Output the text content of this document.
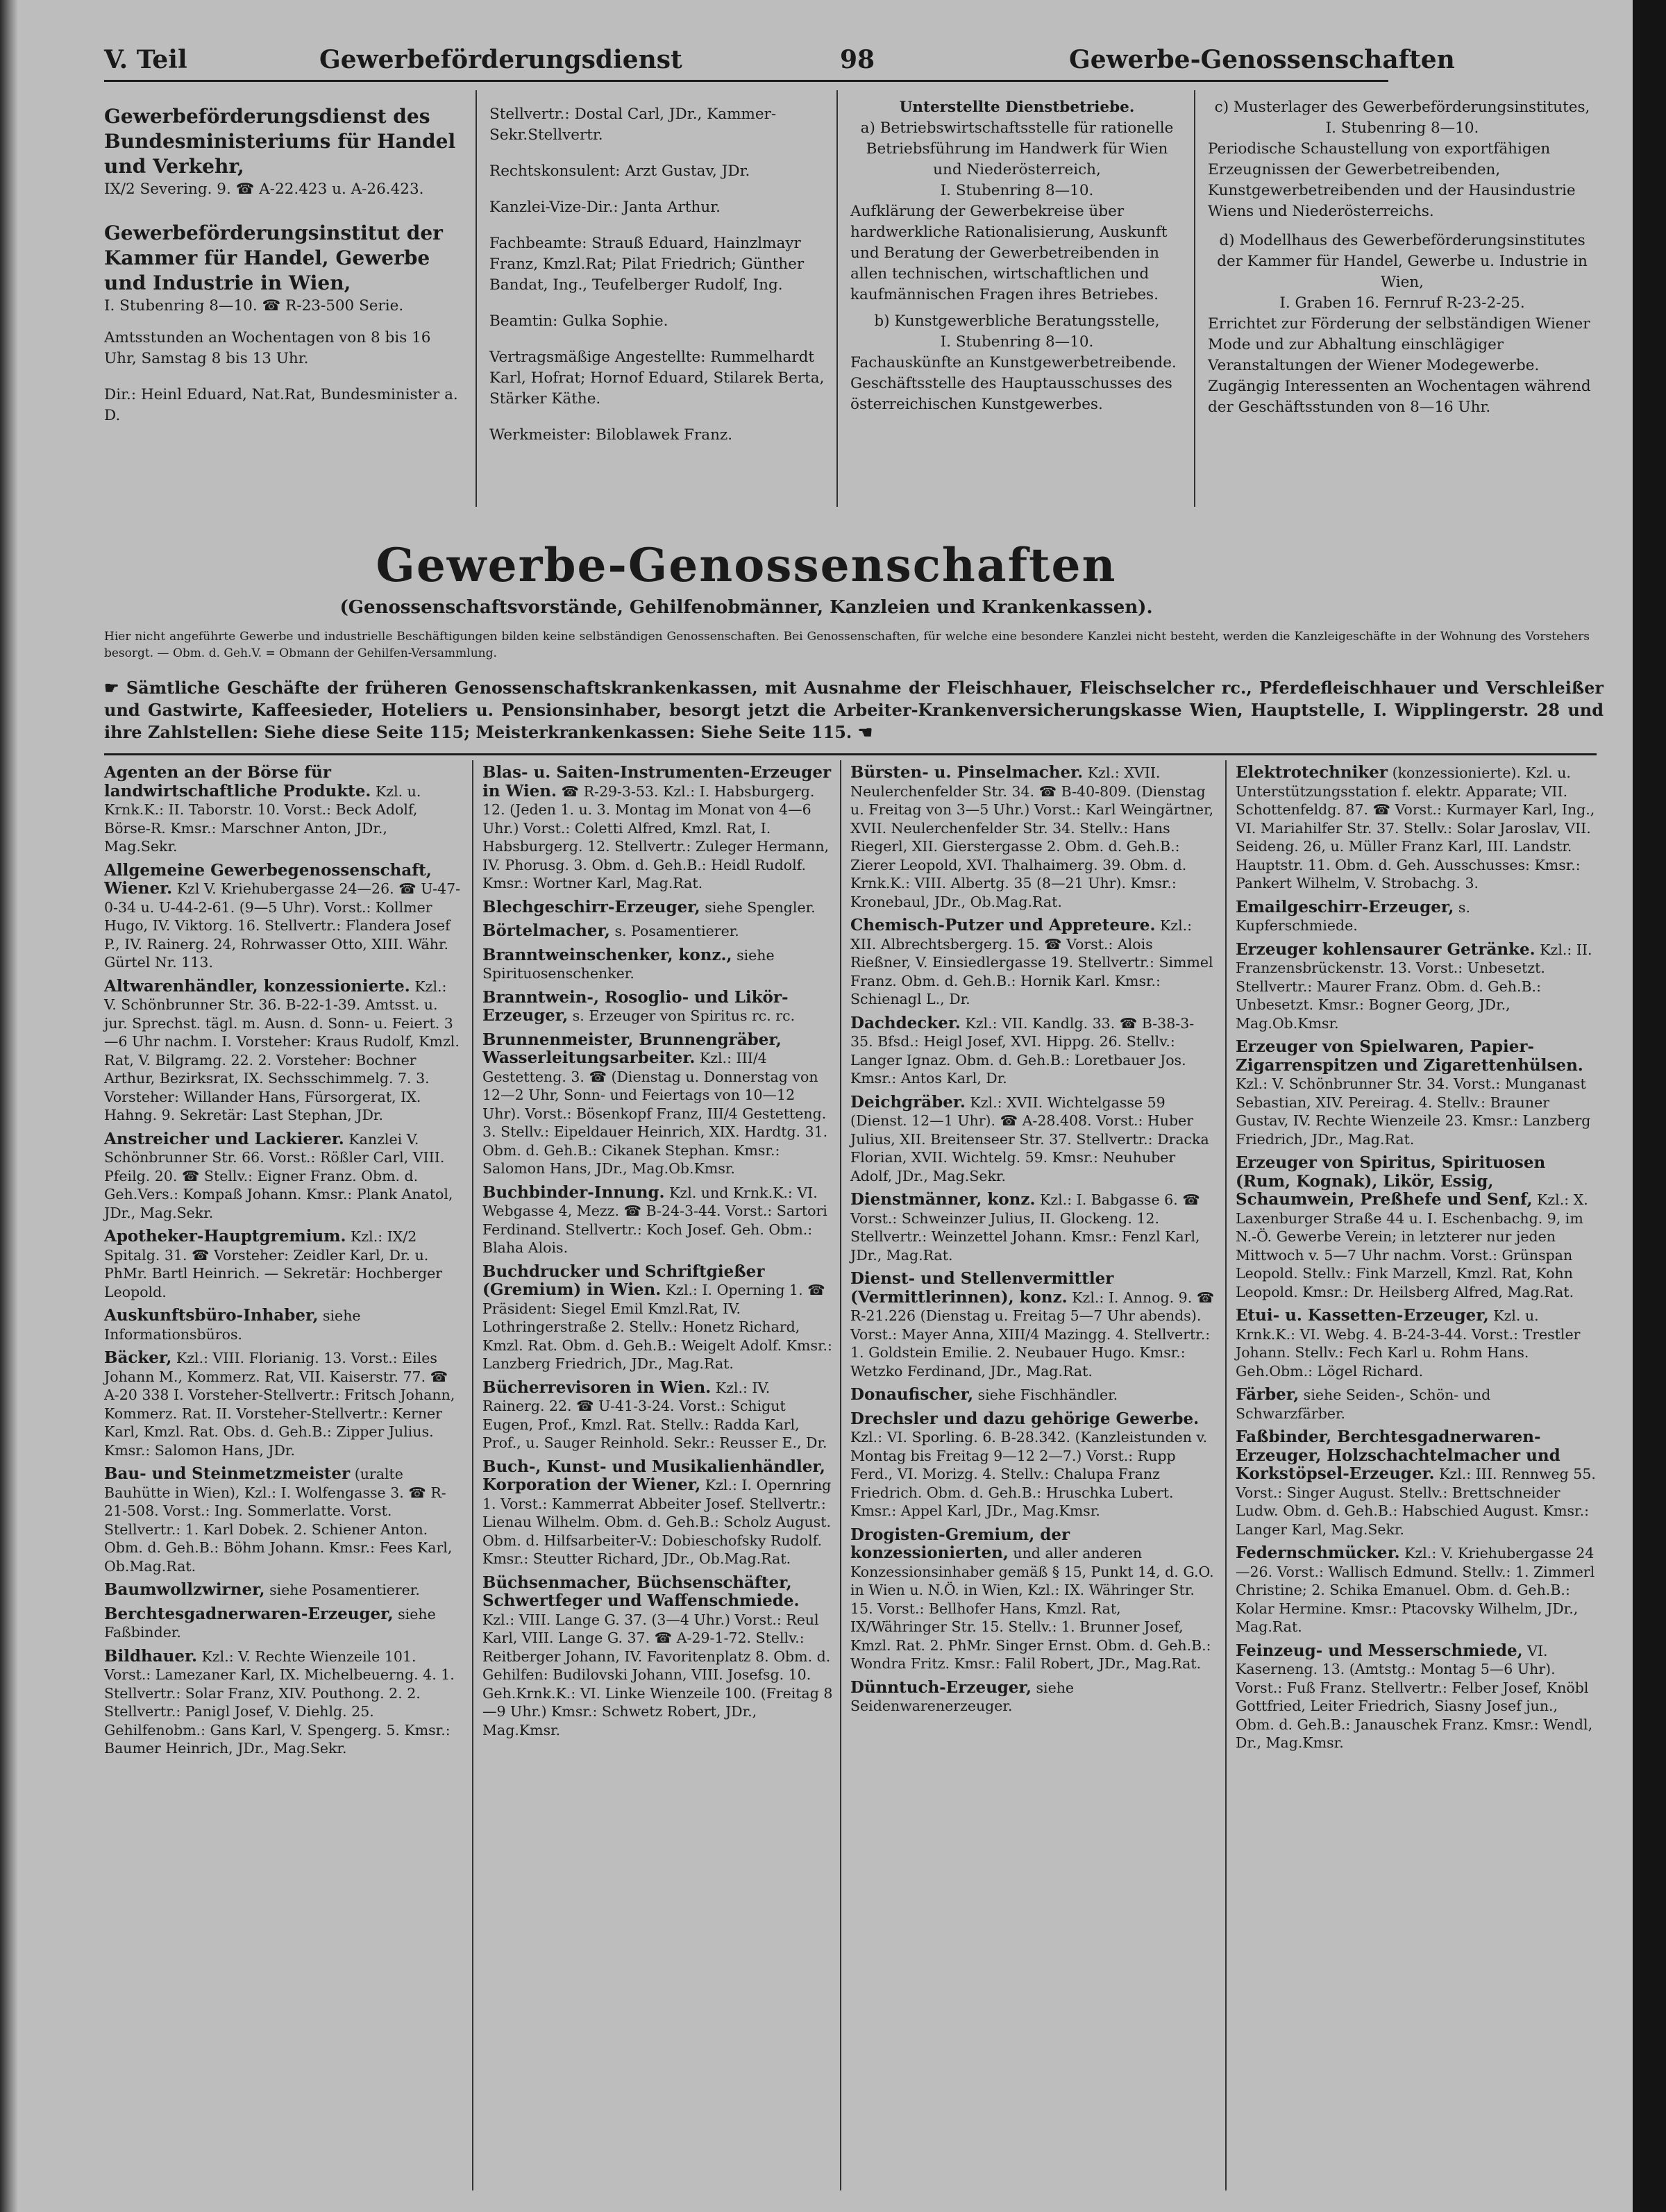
V. Teil	Gewerbeförderungsdienst	98	Gewerbe-Genossenschaften
Gewerbeförderungsdienst des Bundesministeriums für Handel und Verkehr,
IX/2 Severing. 9. ☎ A-22.423 u. A-26.423.
Gewerbeförderungsinstitut der Kammer für Handel, Gewerbe und Industrie in Wien,
I. Stubenring 8—10. ☎ R-23-500 Serie.

Amtsstunden an Wochentagen von 8 bis 16 Uhr, Samstag 8 bis 13 Uhr.

Dir.: Heinl Eduard, Nat.Rat, Bundesminister a. D.

Stellvertr.: Dostal Carl, JDr., Kammer-Sekr.Stellvertr.

Rechtskonsulent: Arzt Gustav, JDr.

Kanzlei-Vize-Dir.: Janta Arthur.

Fachbeamte: Strauß Eduard, Hainzlmayr Franz, Kmzl.Rat; Pilat Friedrich; Günther Bandat, Ing., Teufelberger Rudolf, Ing.

Beamtin: Gulka Sophie.

Vertragsmäßige Angestellte: Rummelhardt Karl, Hofrat; Hornof Eduard, Stilarek Berta, Stärker Käthe.

Werkmeister: Biloblawek Franz.

Unterstellte Dienstbetriebe.
a) Betriebswirtschaftsstelle für rationelle Betriebsführung im Handwerk für Wien und Niederösterreich,
I. Stubenring 8—10.

Aufklärung der Gewerbekreise über hardwerkliche Rationalisierung, Auskunft und Beratung der Gewerbetreibenden in allen technischen, wirtschaftlichen und kaufmännischen Fragen ihres Betriebes.

b) Kunstgewerbliche Beratungsstelle,
I. Stubenring 8—10.
Fachauskünfte an Kunstgewerbetreibende. Geschäftsstelle des Hauptausschusses des österreichischen Kunstgewerbes.
c) Musterlager des Gewerbeförderungsinstitutes,
I. Stubenring 8—10.

Periodische Schaustellung von exportfähigen Erzeugnissen der Gewerbetreibenden, Kunstgewerbetreibenden und der Hausindustrie Wiens und Niederösterreichs.

d) Modellhaus des Gewerbeförderungsinstitutes der Kammer für Handel, Gewerbe u. Industrie in Wien,
I. Graben 16. Fernruf R-23-2-25.
Errichtet zur Förderung der selbständigen Wiener Mode und zur Abhaltung einschlägiger Veranstaltungen der Wiener Modegewerbe. Zugängig Interessenten an Wochentagen während der Geschäftsstunden von 8—16 Uhr.
Gewerbe-Genossenschaften
(Genossenschaftsvorstände, Gehilfenobmänner, Kanzleien und Krankenkassen).
Hier nicht angeführte Gewerbe und industrielle Beschäftigungen bilden keine selbständigen Genossenschaften. Bei Genossenschaften, für welche eine besondere Kanzlei nicht besteht, werden die Kanzleigeschäfte in der Wohnung des Vorstehers besorgt. — Obm. d. Geh.V. = Obmann der Gehilfen-Versammlung.
☛ Sämtliche Geschäfte der früheren Genossenschaftskrankenkassen, mit Ausnahme der Fleischhauer, Fleischselcher rc., Pferdefleischhauer und Verschleißer und Gastwirte, Kaffeesieder, Hoteliers u. Pensionsinhaber, besorgt jetzt die Arbeiter-Krankenversicherungskasse Wien, Hauptstelle, I. Wipplingerstr. 28 und ihre Zahlstellen: Siehe diese Seite 115; Meisterkrankenkassen: Siehe Seite 115. ☚
Agenten an der Börse für landwirtschaftliche Produkte. Kzl. u. Krnk.K.: II. Taborstr. 10. Vorst.: Beck Adolf, Börse-R. Kmsr.: Marschner Anton, JDr., Mag.Sekr.
Allgemeine Gewerbegenossenschaft, Wiener. Kzl V. Kriehubergasse 24—26. ☎ U-47-0-34 u. U-44-2-61. (9—5 Uhr). Vorst.: Kollmer Hugo, IV. Viktorg. 16. Stellvertr.: Flandera Josef P., IV. Rainerg. 24, Rohrwasser Otto, XIII. Währ. Gürtel Nr. 113.
Altwarenhändler, konzessionierte. Kzl.: V. Schönbrunner Str. 36. B-22-1-39. Amtsst. u. jur. Sprechst. tägl. m. Ausn. d. Sonn- u. Feiert. 3—6 Uhr nachm. I. Vorsteher: Kraus Rudolf, Kmzl. Rat, V. Bilgramg. 22. 2. Vorsteher: Bochner Arthur, Bezirksrat, IX. Sechsschimmelg. 7. 3. Vorsteher: Willander Hans, Fürsorgerat, IX. Hahng. 9. Sekretär: Last Stephan, JDr.
Anstreicher und Lackierer. Kanzlei V. Schönbrunner Str. 66. Vorst.: Rößler Carl, VIII. Pfeilg. 20. ☎ Stellv.: Eigner Franz. Obm. d. Geh.Vers.: Kompaß Johann. Kmsr.: Plank Anatol, JDr., Mag.Sekr.
Apotheker-Hauptgremium. Kzl.: IX/2 Spitalg. 31. ☎ Vorsteher: Zeidler Karl, Dr. u. PhMr. Bartl Heinrich. — Sekretär: Hochberger Leopold.
Auskunftsbüro-Inhaber, siehe Informationsbüros.
Bäcker, Kzl.: VIII. Florianig. 13. Vorst.: Eiles Johann M., Kommerz. Rat, VII. Kaiserstr. 77. ☎ A-20 338 I. Vorsteher-Stellvertr.: Fritsch Johann, Kommerz. Rat. II. Vorsteher-Stellvertr.: Kerner Karl, Kmzl. Rat. Obs. d. Geh.B.: Zipper Julius. Kmsr.: Salomon Hans, JDr.
Bau- und Steinmetzmeister (uralte Bauhütte in Wien), Kzl.: I. Wolfengasse 3. ☎ R-21-508. Vorst.: Ing. Sommerlatte. Vorst. Stellvertr.: 1. Karl Dobek. 2. Schiener Anton. Obm. d. Geh.B.: Böhm Johann. Kmsr.: Fees Karl, Ob.Mag.Rat.
Baumwollzwirner, siehe Posamentierer.
Berchtesgadnerwaren-Erzeuger, siehe Faßbinder.
Bildhauer. Kzl.: V. Rechte Wienzeile 101. Vorst.: Lamezaner Karl, IX. Michelbeuerng. 4. 1. Stellvertr.: Solar Franz, XIV. Pouthong. 2. 2. Stellvertr.: Panigl Josef, V. Diehlg. 25. Gehilfenobm.: Gans Karl, V. Spengerg. 5. Kmsr.: Baumer Heinrich, JDr., Mag.Sekr.
Blas- u. Saiten-Instrumenten-Erzeuger in Wien. ☎ R-29-3-53. Kzl.: I. Habsburgerg. 12. (Jeden 1. u. 3. Montag im Monat von 4—6 Uhr.) Vorst.: Coletti Alfred, Kmzl. Rat, I. Habsburgerg. 12. Stellvertr.: Zuleger Hermann, IV. Phorusg. 3. Obm. d. Geh.B.: Heidl Rudolf. Kmsr.: Wortner Karl, Mag.Rat.
Blechgeschirr-Erzeuger, siehe Spengler.
Börtelmacher, s. Posamentierer.
Branntweinschenker, konz., siehe Spirituosenschenker.
Branntwein-, Rosoglio- und Likör-Erzeuger, s. Erzeuger von Spiritus rc. rc.
Brunnenmeister, Brunnengräber, Wasserleitungsarbeiter. Kzl.: III/4 Gestetteng. 3. ☎ (Dienstag u. Donnerstag von 12—2 Uhr, Sonn- und Feiertags von 10—12 Uhr). Vorst.: Bösenkopf Franz, III/4 Gestetteng. 3. Stellv.: Eipeldauer Heinrich, XIX. Hardtg. 31. Obm. d. Geh.B.: Cikanek Stephan. Kmsr.: Salomon Hans, JDr., Mag.Ob.Kmsr.
Buchbinder-Innung. Kzl. und Krnk.K.: VI. Webgasse 4, Mezz. ☎ B-24-3-44. Vorst.: Sartori Ferdinand. Stellvertr.: Koch Josef. Geh. Obm.: Blaha Alois.
Buchdrucker und Schriftgießer (Gremium) in Wien. Kzl.: I. Operning 1. ☎ Präsident: Siegel Emil Kmzl.Rat, IV. Lothringerstraße 2. Stellv.: Honetz Richard, Kmzl. Rat. Obm. d. Geh.B.: Weigelt Adolf. Kmsr.: Lanzberg Friedrich, JDr., Mag.Rat.
Bücherrevisoren in Wien. Kzl.: IV. Rainerg. 22. ☎ U-41-3-24. Vorst.: Schigut Eugen, Prof., Kmzl. Rat. Stellv.: Radda Karl, Prof., u. Sauger Reinhold. Sekr.: Reusser E., Dr.
Buch-, Kunst- und Musikalienhändler, Korporation der Wiener, Kzl.: I. Opernring 1. Vorst.: Kammerrat Abbeiter Josef. Stellvertr.: Lienau Wilhelm. Obm. d. Geh.B.: Scholz August. Obm. d. Hilfsarbeiter-V.: Dobieschofsky Rudolf. Kmsr.: Steutter Richard, JDr., Ob.Mag.Rat.
Büchsenmacher, Büchsenschäfter, Schwertfeger und Waffenschmiede. Kzl.: VIII. Lange G. 37. (3—4 Uhr.) Vorst.: Reul Karl, VIII. Lange G. 37. ☎ A-29-1-72. Stellv.: Reitberger Johann, IV. Favoritenplatz 8. Obm. d. Gehilfen: Budilovski Johann, VIII. Josefsg. 10. Geh.Krnk.K.: VI. Linke Wienzeile 100. (Freitag 8—9 Uhr.) Kmsr.: Schwetz Robert, JDr., Mag.Kmsr.
Bürsten- u. Pinselmacher. Kzl.: XVII. Neulerchenfelder Str. 34. ☎ B-40-809. (Dienstag u. Freitag von 3—5 Uhr.) Vorst.: Karl Weingärtner, XVII. Neulerchenfelder Str. 34. Stellv.: Hans Riegerl, XII. Gierstergasse 2. Obm. d. Geh.B.: Zierer Leopold, XVI. Thalhaimerg. 39. Obm. d. Krnk.K.: VIII. Albertg. 35 (8—21 Uhr). Kmsr.: Kronebaul, JDr., Ob.Mag.Rat.
Chemisch-Putzer und Appreteure. Kzl.: XII. Albrechtsbergerg. 15. ☎ Vorst.: Alois Rießner, V. Einsiedlergasse 19. Stellvertr.: Simmel Franz. Obm. d. Geh.B.: Hornik Karl. Kmsr.: Schienagl L., Dr.
Dachdecker. Kzl.: VII. Kandlg. 33. ☎ B-38-3-35. Bfsd.: Heigl Josef, XVI. Hippg. 26. Stellv.: Langer Ignaz. Obm. d. Geh.B.: Loretbauer Jos. Kmsr.: Antos Karl, Dr.
Deichgräber. Kzl.: XVII. Wichtelgasse 59 (Dienst. 12—1 Uhr). ☎ A-28.408. Vorst.: Huber Julius, XII. Breitenseer Str. 37. Stellvertr.: Dracka Florian, XVII. Wichtelg. 59. Kmsr.: Neuhuber Adolf, JDr., Mag.Sekr.
Dienstmänner, konz. Kzl.: I. Babgasse 6. ☎ Vorst.: Schweinzer Julius, II. Glockeng. 12. Stellvertr.: Weinzettel Johann. Kmsr.: Fenzl Karl, JDr., Mag.Rat.
Dienst- und Stellenvermittler (Vermittlerinnen), konz. Kzl.: I. Annog. 9. ☎ R-21.226 (Dienstag u. Freitag 5—7 Uhr abends). Vorst.: Mayer Anna, XIII/4 Mazingg. 4. Stellvertr.: 1. Goldstein Emilie. 2. Neubauer Hugo. Kmsr.: Wetzko Ferdinand, JDr., Mag.Rat.
Donaufischer, siehe Fischhändler.
Drechsler und dazu gehörige Gewerbe. Kzl.: VI. Sporling. 6. B-28.342. (Kanzleistunden v. Montag bis Freitag 9—12 2—7.) Vorst.: Rupp Ferd., VI. Morizg. 4. Stellv.: Chalupa Franz Friedrich. Obm. d. Geh.B.: Hruschka Lubert. Kmsr.: Appel Karl, JDr., Mag.Kmsr.
Drogisten-Gremium, der konzessionierten, und aller anderen Konzessionsinhaber gemäß § 15, Punkt 14, d. G.O. in Wien u. N.Ö. in Wien, Kzl.: IX. Währinger Str. 15. Vorst.: Bellhofer Hans, Kmzl. Rat, IX/Währinger Str. 15. Stellv.: 1. Brunner Josef, Kmzl. Rat. 2. PhMr. Singer Ernst. Obm. d. Geh.B.: Wondra Fritz. Kmsr.: Falil Robert, JDr., Mag.Rat.
Dünntuch-Erzeuger, siehe Seidenwarenerzeuger.
Elektrotechniker (konzessionierte). Kzl. u. Unterstützungsstation f. elektr. Apparate; VII. Schottenfeldg. 87. ☎ Vorst.: Kurmayer Karl, Ing., VI. Mariahilfer Str. 37. Stellv.: Solar Jaroslav, VII. Seideng. 26, u. Müller Franz Karl, III. Landstr. Hauptstr. 11. Obm. d. Geh. Ausschusses: Kmsr.: Pankert Wilhelm, V. Strobachg. 3.
Emailgeschirr-Erzeuger, s. Kupferschmiede.
Erzeuger kohlensaurer Getränke. Kzl.: II. Franzensbrückenstr. 13. Vorst.: Unbesetzt. Stellvertr.: Maurer Franz. Obm. d. Geh.B.: Unbesetzt. Kmsr.: Bogner Georg, JDr., Mag.Ob.Kmsr.
Erzeuger von Spielwaren, Papier-Zigarrenspitzen und Zigarettenhülsen. Kzl.: V. Schönbrunner Str. 34. Vorst.: Munganast Sebastian, XIV. Pereirag. 4. Stellv.: Brauner Gustav, IV. Rechte Wienzeile 23. Kmsr.: Lanzberg Friedrich, JDr., Mag.Rat.
Erzeuger von Spiritus, Spirituosen (Rum, Kognak), Likör, Essig, Schaumwein, Preßhefe und Senf, Kzl.: X. Laxenburger Straße 44 u. I. Eschenbachg. 9, im N.-Ö. Gewerbe Verein; in letzterer nur jeden Mittwoch v. 5—7 Uhr nachm. Vorst.: Grünspan Leopold. Stellv.: Fink Marzell, Kmzl. Rat, Kohn Leopold. Kmsr.: Dr. Heilsberg Alfred, Mag.Rat.
Etui- u. Kassetten-Erzeuger, Kzl. u. Krnk.K.: VI. Webg. 4. B-24-3-44. Vorst.: Trestler Johann. Stellv.: Fech Karl u. Rohm Hans. Geh.Obm.: Lögel Richard.
Färber, siehe Seiden-, Schön- und Schwarzfärber.
Faßbinder, Berchtesgadnerwaren-Erzeuger, Holzschachtelmacher und Korkstöpsel-Erzeuger. Kzl.: III. Rennweg 55. Vorst.: Singer August. Stellv.: Brettschneider Ludw. Obm. d. Geh.B.: Habschied August. Kmsr.: Langer Karl, Mag.Sekr.
Federnschmücker. Kzl.: V. Kriehubergasse 24—26. Vorst.: Wallisch Edmund. Stellv.: 1. Zimmerl Christine; 2. Schika Emanuel. Obm. d. Geh.B.: Kolar Hermine. Kmsr.: Ptacovsky Wilhelm, JDr., Mag.Rat.
Feinzeug- und Messerschmiede, VI. Kaserneng. 13. (Amtstg.: Montag 5—6 Uhr). Vorst.: Fuß Franz. Stellvertr.: Felber Josef, Knöbl Gottfried, Leiter Friedrich, Siasny Josef jun., Obm. d. Geh.B.: Janauschek Franz. Kmsr.: Wendl, Dr., Mag.Kmsr.
